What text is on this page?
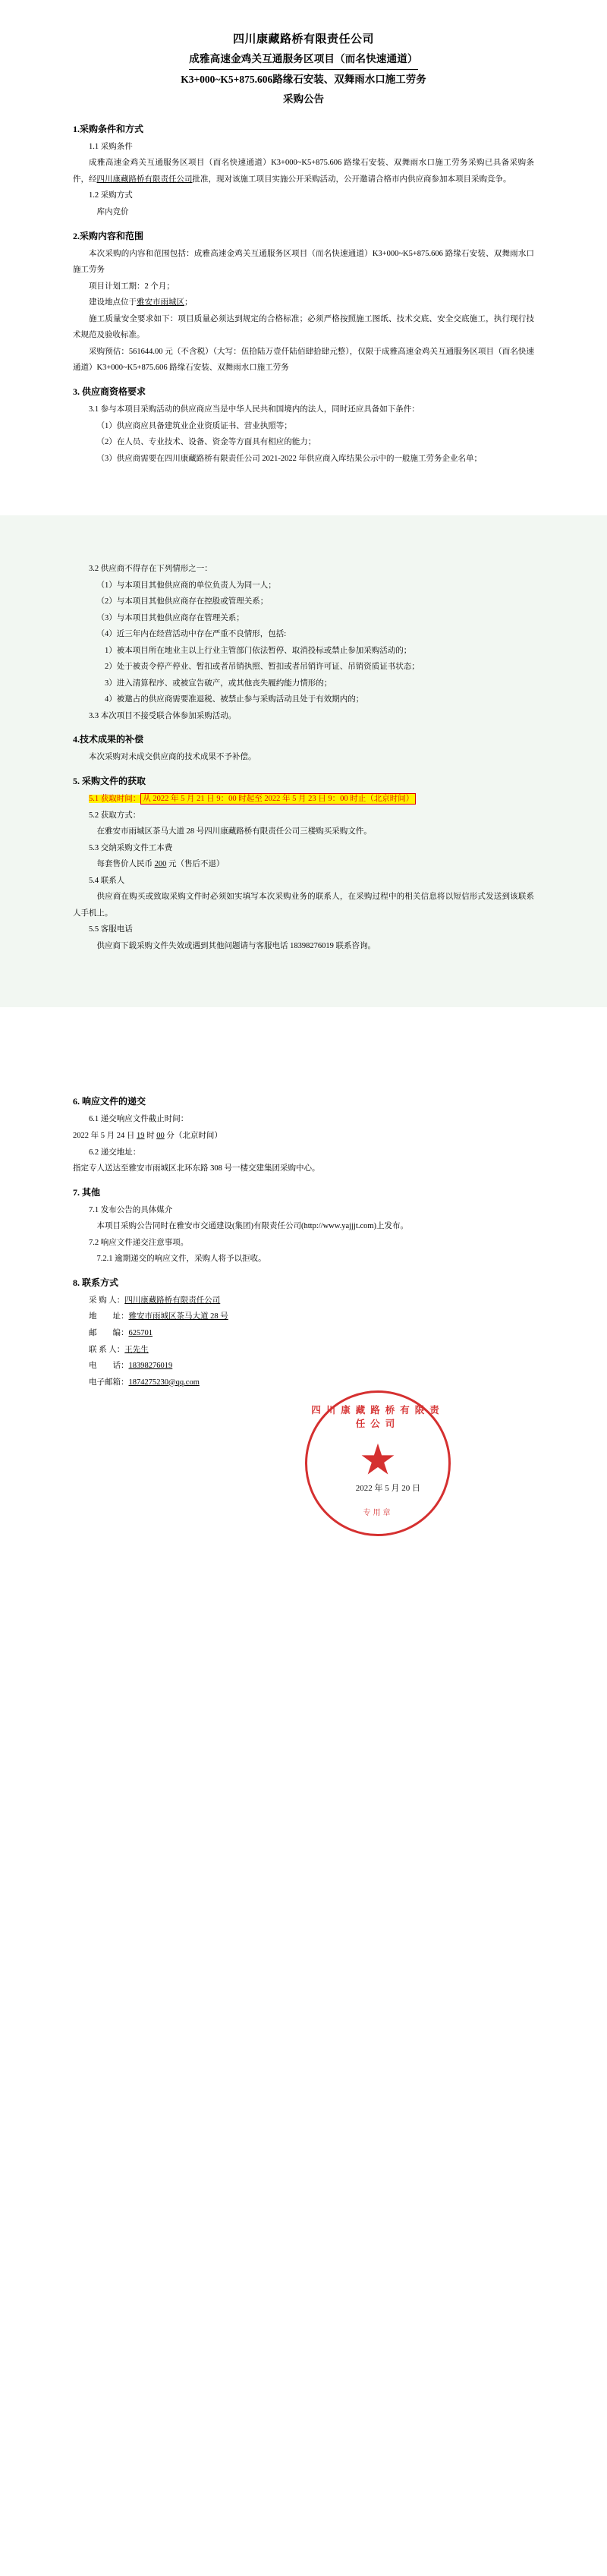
四川康藏路桥有限责任公司
成雅高速金鸡关互通服务区项目（而名快速通道）
K3+000~K5+875.606路缘石安装、双舞雨水口施工劳务
采购公告
1.采购条件和方式
1.1 采购条件
成雅高速金鸡关互通服务区项目（而名快速通道）K3+000~K5+875.606 路缘石安装、双舞雨水口施工劳务采购已具备采购条件，经四川康藏路桥有限责任公司批准，现对该施工项目实施公开采购活动，公开邀请合格市内供应商参加本项目采购竞争。
1.2 采购方式
库内竞价
2.采购内容和范围
本次采购的内容和范围包括：成雅高速金鸡关互通服务区项目（而名快速通道）K3+000~K5+875.606 路缘石安装、双舞雨水口施工劳务
项目计划工期：2 个月；
建设地点位于雅安市雨城区；
施工质量安全要求如下：项目质量必须达到规定的合格标准；必须严格按照施工图纸、技术交底、安全交底施工，执行现行技术规范及验收标准。
采购预估：561644.00 元（不含税）（大写：伍拾陆万壹仟陆佰肆拾肆元整），仅限于成雅高速金鸡关互通服务区项目（而名快速通道）K3+000~K5+875.606 路缘石安装、双舞雨水口施工劳务
3. 供应商资格要求
3.1 参与本项目采购活动的供应商应当是中华人民共和国境内的法人，同时还应具备如下条件：
（1）供应商应具备建筑业企业资质证书、营业执照等；
（2）在人员、专业技术、设备、资金等方面具有相应的能力；
（3）供应商需要在四川康藏路桥有限责任公司 2021-2022 年供应商入库结果公示中的一般施工劳务企业名单；
3.2 供应商不得存在下列情形之一：
（1）与本项目其他供应商的单位负责人为同一人；
（2）与本项目其他供应商存在控股或管理关系；
（3）与本项目其他供应商存在管理关系；
（4）近三年内在经营活动中存在严重不良情形，包括:
1）被本项目所在地业主以上行业主管部门依法暂停、取消投标或禁止参加采购活动的；
2）处于被责令停产停业、暂扣或者吊销执照、暂扣或者吊销许可证、吊销资质证书状态；
3）进入清算程序、或被宣告破产，或其他丧失履约能力情形的；
4）被邀占的供应商需要准退税、被禁止参与采购活动且处于有效期内的；
3.3 本次项目不接受联合体参加采购活动。
4.技术成果的补偿
本次采购对未成交供应商的技术成果不予补偿。
5. 采购文件的获取
5.1 获取时间： 从 2022 年 5 月 21 日 9：00 时起至 2022 年 5 月 23 日 9：00 时止（北京时间）
5.2 获取方式：
在雅安市雨城区茶马大道 28 号四川康藏路桥有限责任公司三楼购买采购文件。
5.3 交纳采购文件工本费
每套售价人民币 200 元（售后不退）
5.4 联系人
供应商在购买或致取采购文件时必须如实填写本次采购业务的联系人，在采购过程中的相关信息将以短信形式发送到该联系人手机上。
5.5 客服电话
供应商下载采购文件失效或遇到其他问题请与客服电话 18398276019 联系咨询。
6. 响应文件的递交
6.1 递交响应文件截止时间：
2022 年 5 月 24 日 19 时 00 分（北京时间）
6.2 递交地址：
指定专人送达至雅安市雨城区北环东路 308 号一楼交建集团采购中心。
7. 其他
7.1 发布公告的具体媒介
本项目采购公告同时在雅安市交通建设(集团)有限责任公司(http://www.yajjjt.com)上发布。
7.2 响应文件递交注意事项。
7.2.1 逾期递交的响应文件，采购人将予以拒收。
8. 联系方式
采 购 人：四川康藏路桥有限责任公司
地　　址：雅安市雨城区茶马大道 28 号
邮　　编：625701
联 系 人：王先生
电　　话：18398276019
电子邮箱：1874275230@qq.com
四川康藏路桥有限责任公司
★
专用章
2022 年 5 月 20 日
